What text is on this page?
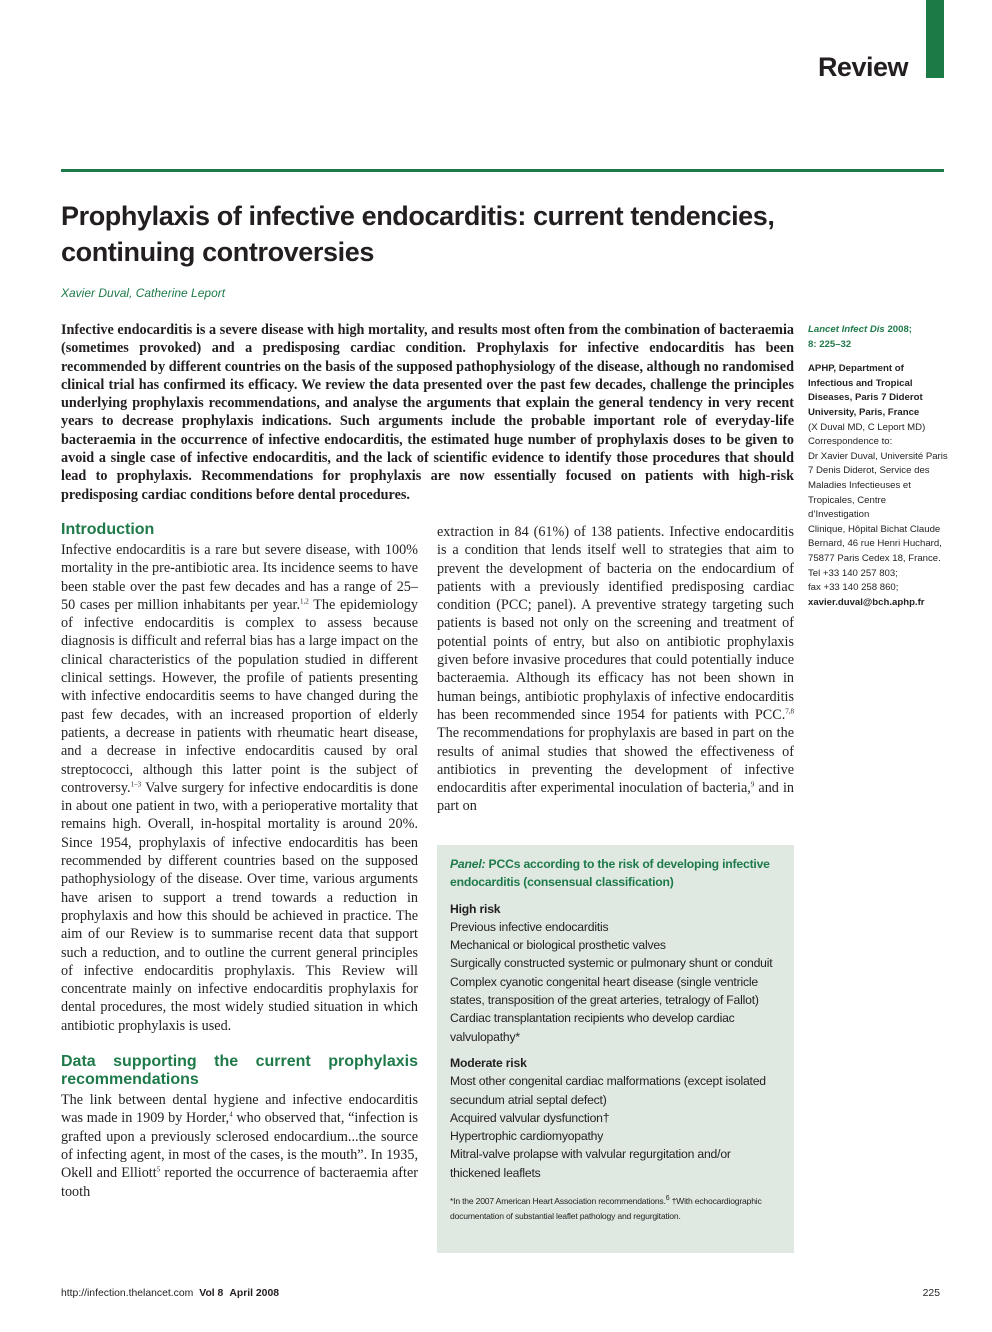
Review
Prophylaxis of infective endocarditis: current tendencies, continuing controversies
Xavier Duval, Catherine Leport

Infective endocarditis is a severe disease with high mortality, and results most often from the combination of bacteraemia (sometimes provoked) and a predisposing cardiac condition. Prophylaxis for infective endocarditis has been recommended by different countries on the basis of the supposed pathophysiology of the disease, although no randomised clinical trial has confirmed its efficacy. We review the data presented over the past few decades, challenge the principles underlying prophylaxis recommendations, and analyse the arguments that explain the general tendency in very recent years to decrease prophylaxis indications. Such arguments include the probable important role of everyday-life bacteraemia in the occurrence of infective endocarditis, the estimated huge number of prophylaxis doses to be given to avoid a single case of infective endocarditis, and the lack of scientific evidence to identify those procedures that should lead to prophylaxis. Recommendations for prophylaxis are now essentially focused on patients with high-risk predisposing cardiac conditions before dental procedures.

Lancet Infect Dis 2008;
8: 225–32
APHP, Department of
Infectious and Tropical
Diseases, Paris 7 Diderot
University, Paris, France
(X Duval MD, C Leport MD)
Correspondence to:
Dr Xavier Duval, Université Paris
7 Denis Diderot, Service des
Maladies Infectieuses et
Tropicales, Centre d’Investigation
Clinique, Hôpital Bichat Claude
Bernard, 46 rue Henri Huchard,
75877 Paris Cedex 18, France.
Tel +33 140 257 803;
fax +33 140 258 860;
xavier.duval@bch.aphp.fr
Introduction

Infective endocarditis is a rare but severe disease, with 100% mortality in the pre-antibiotic area. Its incidence seems to have been stable over the past few decades and has a range of 25–50 cases per million inhabitants per year.$^{1,2}$ The epidemiology of infective endocarditis is complex to assess because diagnosis is difficult and referral bias has a large impact on the clinical characteristics of the population studied in different clinical settings. However, the profile of patients presenting with infective endocarditis seems to have changed during the past few decades, with an increased proportion of elderly patients, a decrease in patients with rheumatic heart disease, and a decrease in infective endocarditis caused by oral streptococci, although this latter point is the subject of controversy.$^{1-3}$ Valve surgery for infective endocarditis is done in about one patient in two, with a perioperative mortality that remains high. Overall, in-hospital mortality is around 20%. Since 1954, prophylaxis of infective endocarditis has been recommended by different countries based on the supposed pathophysiology of the disease. Over time, various arguments have arisen to support a trend towards a reduction in prophylaxis and how this should be achieved in practice. The aim of our Review is to summarise recent data that support such a reduction, and to outline the current general principles of infective endocarditis prophylaxis. This Review will concentrate mainly on infective endocarditis prophylaxis for dental procedures, the most widely studied situation in which antibiotic prophylaxis is used.

Data supporting the current prophylaxis recommendations

The link between dental hygiene and infective endocarditis was made in 1909 by Horder,$^4$ who observed that, “infection is grafted upon a previously sclerosed endocardium...the source of infecting agent, in most of the cases, is the mouth”. In 1935, Okell and Elliott$^5$ reported the occurrence of bacteraemia after tooth

extraction in 84 (61%) of 138 patients. Infective endocarditis is a condition that lends itself well to strategies that aim to prevent the development of bacteria on the endocardium of patients with a previously identified predisposing cardiac condition (PCC; panel). A preventive strategy targeting such patients is based not only on the screening and treatment of potential points of entry, but also on antibiotic prophylaxis given before invasive procedures that could potentially induce bacteraemia. Although its efficacy has not been shown in human beings, antibiotic prophylaxis of infective endocarditis has been recommended since 1954 for patients with PCC.$^{7,8}$ The recommendations for prophylaxis are based in part on the results of animal studies that showed the effectiveness of antibiotics in preventing the development of infective endocarditis after experimental inoculation of bacteria,$^9$ and in part on

Panel: PCCs according to the risk of developing infective endocarditis (consensual classification)
High risk
Previous infective endocarditis
Mechanical or biological prosthetic valves
Surgically constructed systemic or pulmonary shunt or conduit
Complex cyanotic congenital heart disease (single ventricle states, transposition of the great arteries, tetralogy of Fallot)
Cardiac transplantation recipients who develop cardiac valvulopathy*
Moderate risk
Most other congenital cardiac malformations (except isolated secundum atrial septal defect)
Acquired valvular dysfunction†
Hypertrophic cardiomyopathy
Mitral-valve prolapse with valvular regurgitation and/or thickened leaflets
*In the 2007 American Heart Association recommendations.$^6$ †With echocardiographic documentation of substantial leaflet pathology and regurgitation.
http://infection.thelancet.com Vol 8 April 2008	225
